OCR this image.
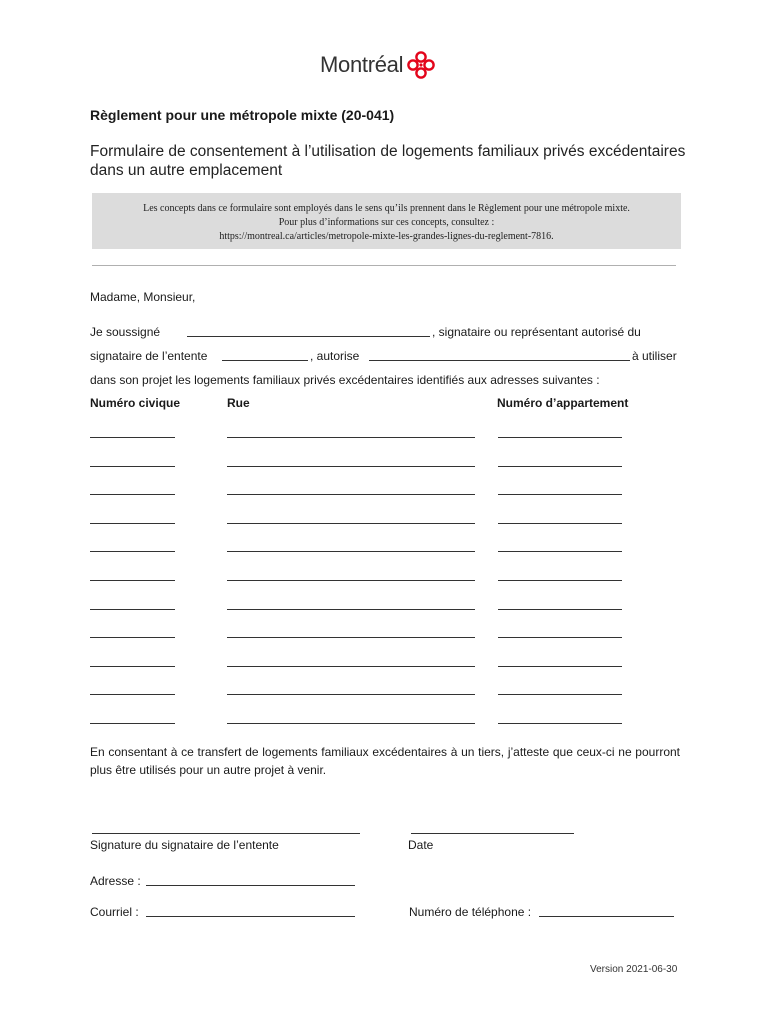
Montréal
Règlement pour une métropole mixte (20-041)
Formulaire de consentement à l’utilisation de logements familiaux privés excédentaires dans un autre emplacement
Les concepts dans ce formulaire sont employés dans le sens qu’ils prennent dans le Règlement pour une métropole mixte.
Pour plus d’informations sur ces concepts, consultez :
https://montreal.ca/articles/metropole-mixte-les-grandes-lignes-du-reglement-7816.
Madame, Monsieur,
Je soussigné	, signataire ou représentant autorisé du
signataire de l’entente	, autorise	à utiliser
dans son projet les logements familiaux privés excédentaires identifiés aux adresses suivantes :
Numéro civique	Rue	Numéro d’appartement
En consentant à ce transfert de logements familiaux excédentaires à un tiers, j’atteste que ceux-ci ne pourront plus être utilisés pour un autre projet à venir.
Signature du signataire de l’entente	Date
Adresse :
Courriel :	Numéro de téléphone :
Version 2021-06-30
